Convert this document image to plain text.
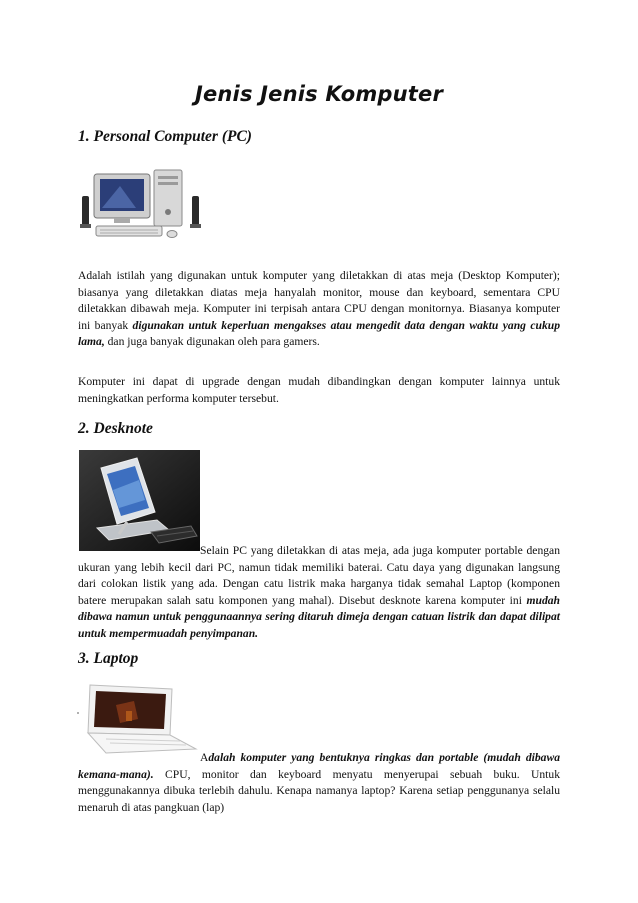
Jenis Jenis Komputer
1. Personal Computer (PC)

Adalah istilah yang digunakan untuk komputer yang diletakkan di atas meja (Desktop Komputer); biasanya yang diletakkan diatas meja hanyalah monitor, mouse dan keyboard, sementara CPU diletakkan dibawah meja. Komputer ini terpisah antara CPU dengan monitornya. Biasanya komputer ini banyak digunakan untuk keperluan mengakses atau mengedit data dengan waktu yang cukup lama, dan juga banyak digunakan oleh para gamers.

Komputer ini dapat di upgrade dengan mudah dibandingkan dengan komputer lainnya untuk meningkatkan performa komputer tersebut.

2. Desknote

Selain PC yang diletakkan di atas meja, ada juga komputer portable dengan ukuran yang lebih kecil dari PC, namun tidak memiliki baterai. Catu daya yang digunakan langsung dari colokan listik yang ada. Dengan catu listrik maka harganya tidak semahal Laptop (komponen batere merupakan salah satu komponen yang mahal). Disebut desknote karena komputer ini mudah dibawa namun untuk penggunaannya sering ditaruh dimeja dengan catuan listrik dan dapat dilipat untuk mempermuadah penyimpanan.

3. Laptop

Adalah komputer yang bentuknya ringkas dan portable (mudah dibawa kemana-mana). CPU, monitor dan keyboard menyatu menyerupai sebuah buku. Untuk menggunakannya dibuka terlebih dahulu. Kenapa namanya laptop? Karena setiap penggunanya selalu menaruh di atas pangkuan (lap)
